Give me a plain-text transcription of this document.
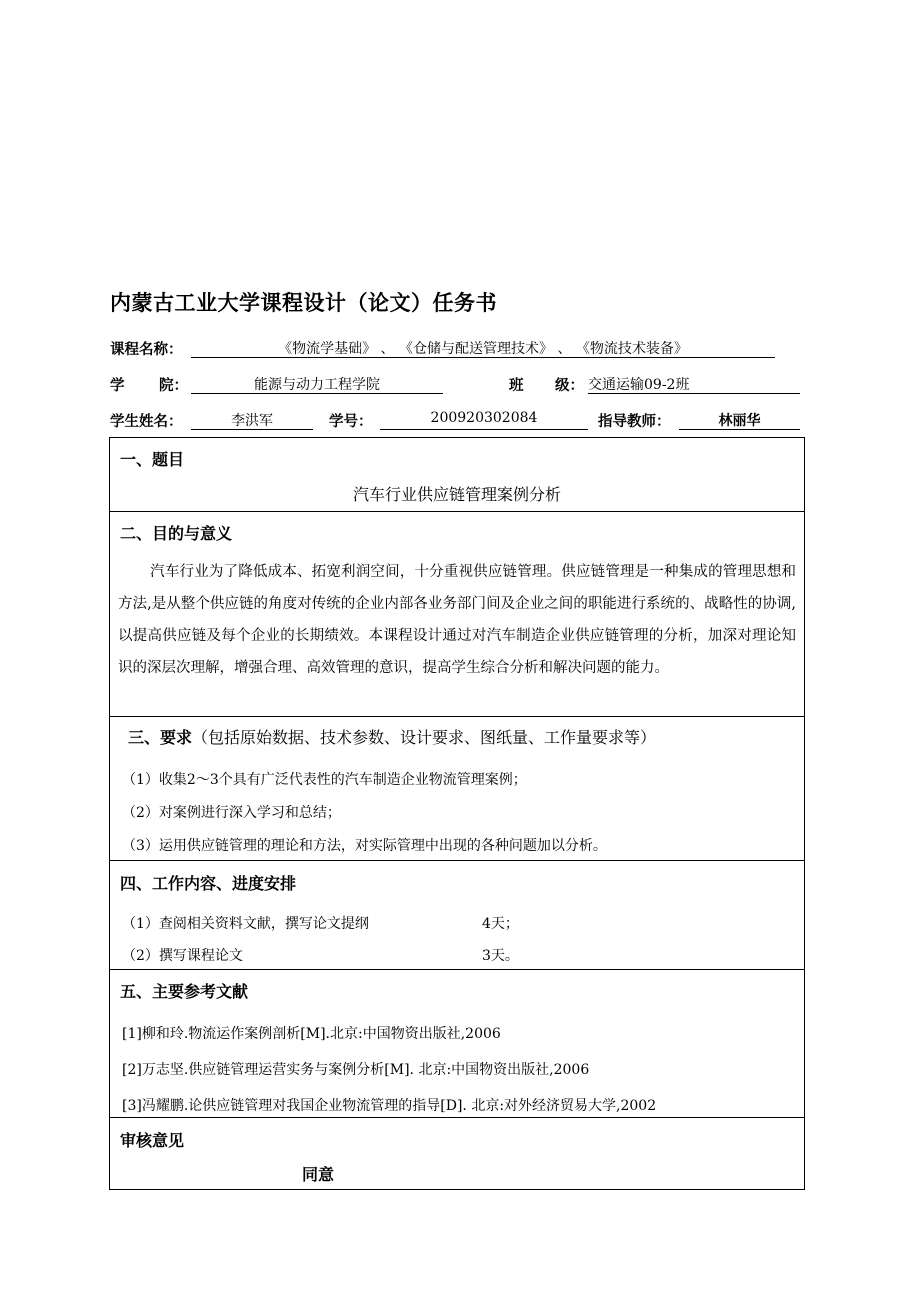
内蒙古工业大学课程设计（论文）任务书
课程名称：	《物流学基础》 、 《仓储与配送管理技术》 、 《物流技术装备》
学 院：	能源与动力工程学院	班 级： 交通运输09-2班
学生姓名：	李洪军	学号：	200920302084	指导教师：	林丽华
一、题目
汽车行业供应链管理案例分析
二、目的与意义
汽车行业为了降低成本、拓宽利润空间，十分重视供应链管理。供应链管理是一种集成的管理思想和方法,是从整个供应链的角度对传统的企业内部各业务部门间及企业之间的职能进行系统的、战略性的协调,以提高供应链及每个企业的长期绩效。本课程设计通过对汽车制造企业供应链管理的分析，加深对理论知识的深层次理解，增强合理、高效管理的意识，提高学生综合分析和解决问题的能力。
三、要求（包括原始数据、技术参数、设计要求、图纸量、工作量要求等）
（1）收集2～3个具有广泛代表性的汽车制造企业物流管理案例；
（2）对案例进行深入学习和总结；
（3）运用供应链管理的理论和方法，对实际管理中出现的各种问题加以分析。
四、工作内容、进度安排
（1）查阅相关资料文献，撰写论文提纲	4天；
（2）撰写课程论文	3天。
五、主要参考文献
[1]柳和玲.物流运作案例剖析[M].北京:中国物资出版社,2006
[2]万志坚.供应链管理运营实务与案例分析[M]. 北京:中国物资出版社,2006
[3]冯耀鹏.论供应链管理对我国企业物流管理的指导[D]. 北京:对外经济贸易大学,2002
审核意见
同意
